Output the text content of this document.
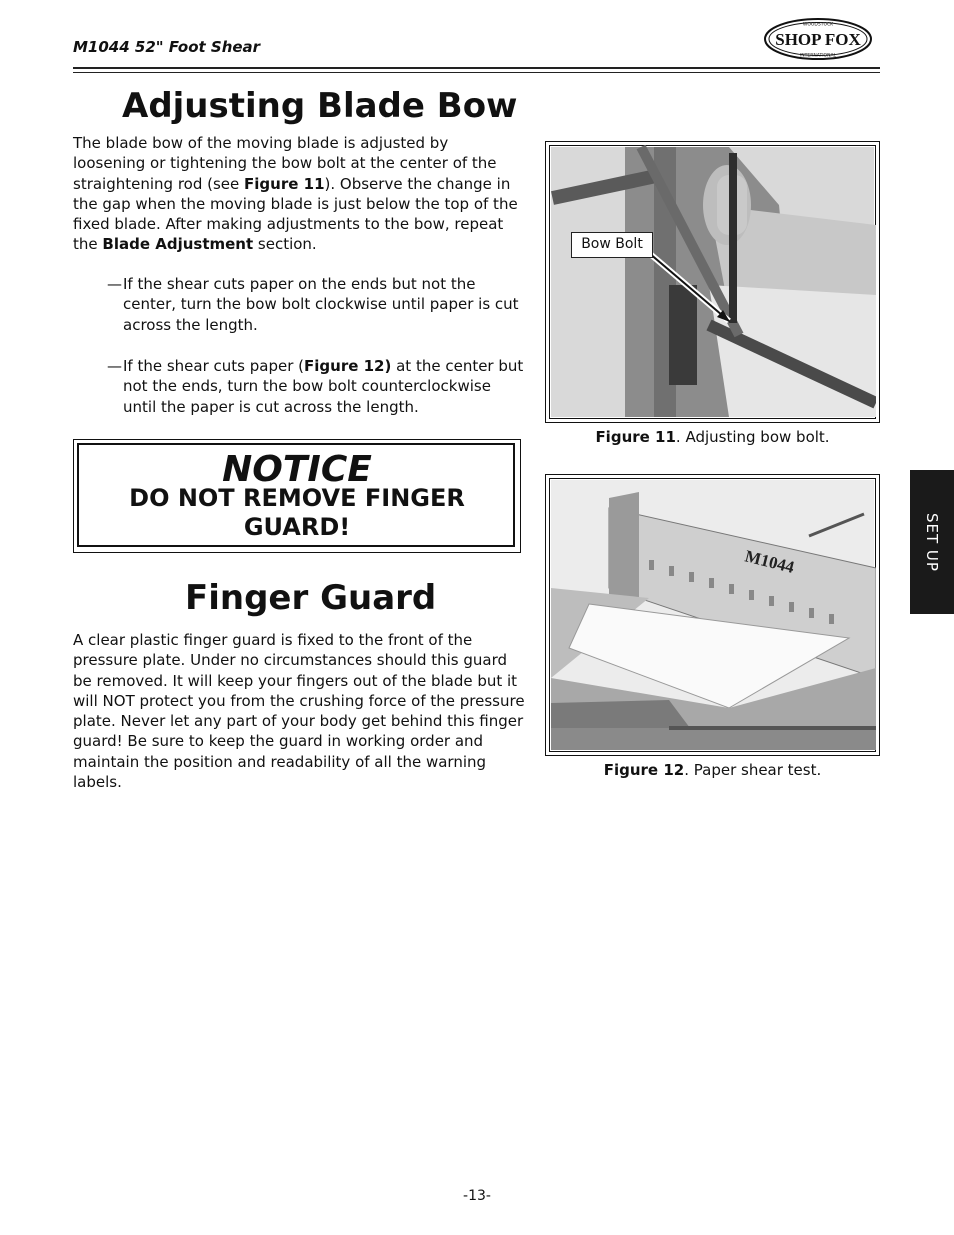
M1044 52" Foot Shear	SHOP FOX
WOODSTOCK
INTERNATIONAL
Adjusting Blade Bow
The blade bow of the moving blade is adjusted by loosening or tightening the bow bolt at the center of the straightening rod (see Figure 11). Observe the change in the gap when the moving blade is just below the top of the fixed blade. After making adjustments to the bow, repeat the Blade Adjustment section.
— If the shear cuts paper on the ends but not the center, turn the bow bolt clockwise until paper is cut across the length.
— If the shear cuts paper (Figure 12) at the center but not the ends, turn the bow bolt counterclockwise until the paper is cut across the length.
NOTICE
DO NOT REMOVE FINGER GUARD!
Finger Guard
A clear plastic finger guard is fixed to the front of the pressure plate. Under no circumstances should this guard be removed. It will keep your fingers out of the blade but it will NOT protect you from the crushing force of the pressure plate. Never let any part of your body get behind this finger guard! Be sure to keep the guard in working order and maintain the position and readability of all the warning labels.
Bow Bolt
Figure 11. Adjusting bow bolt.
M1044
Figure 12. Paper shear test.
SET UP
-13-
